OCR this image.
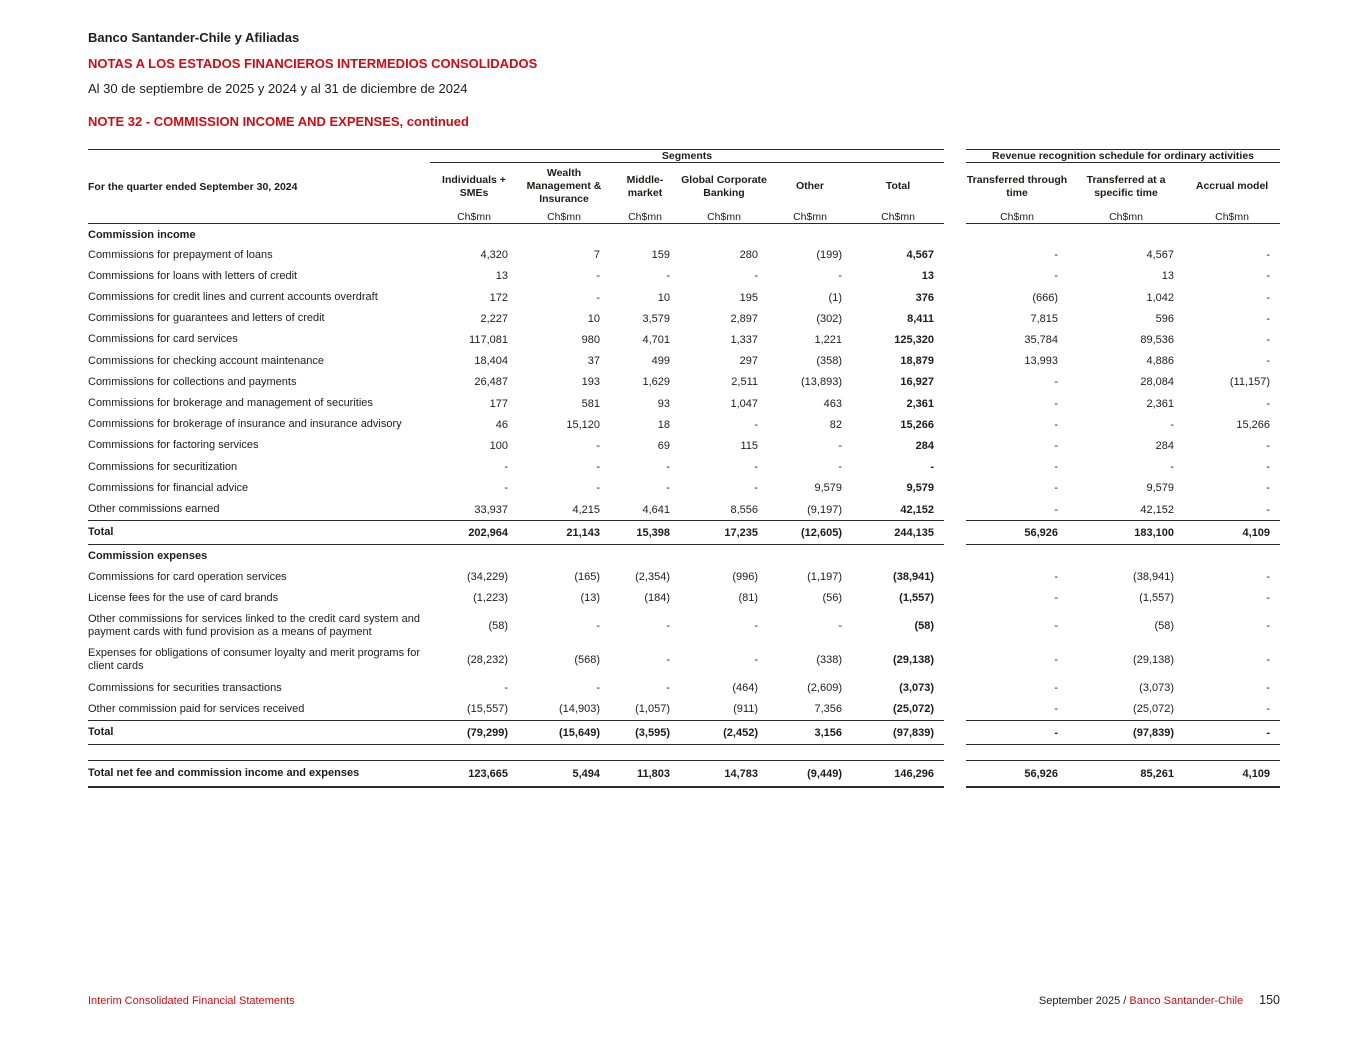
Banco Santander-Chile y Afiliadas
NOTAS A LOS ESTADOS FINANCIEROS INTERMEDIOS CONSOLIDADOS
Al 30 de septiembre de 2025 y 2024 y al 31 de diciembre de 2024
NOTE 32 - COMMISSION INCOME AND EXPENSES, continued
	Segments							Revenue recognition schedule for ordinary activities		
For the quarter ended September 30, 2024	Individuals + SMEs	Wealth Management & Insurance	Middle-market	Global Corporate Banking	Other	Total		Transferred through time	Transferred at a specific time	Accrual model
	Ch$mn	Ch$mn	Ch$mn	Ch$mn	Ch$mn	Ch$mn		Ch$mn	Ch$mn	Ch$mn
Commission income										
Commissions for prepayment of loans	4,320	7	159	280	(199)	4,567		-	4,567	-
Commissions for loans with letters of credit	13	-	-	-	-	13		-	13	-
Commissions for credit lines and current accounts overdraft	172	-	10	195	(1)	376		(666)	1,042	-
Commissions for guarantees and letters of credit	2,227	10	3,579	2,897	(302)	8,411		7,815	596	-
Commissions for card services	117,081	980	4,701	1,337	1,221	125,320		35,784	89,536	-
Commissions for checking account maintenance	18,404	37	499	297	(358)	18,879		13,993	4,886	-
Commissions for collections and payments	26,487	193	1,629	2,511	(13,893)	16,927		-	28,084	(11,157)
Commissions for brokerage and management of securities	177	581	93	1,047	463	2,361		-	2,361	-
Commissions for brokerage of insurance and insurance advisory	46	15,120	18	-	82	15,266		-	-	15,266
Commissions for factoring services	100	-	69	115	-	284		-	284	-
Commissions for securitization	-	-	-	-	-	-		-	-	-
Commissions for financial advice	-	-	-	-	9,579	9,579		-	9,579	-
Other commissions earned	33,937	4,215	4,641	8,556	(9,197)	42,152		-	42,152	-
Total	202,964	21,143	15,398	17,235	(12,605)	244,135		56,926	183,100	4,109
Commission expenses										
Commissions for card operation services	(34,229)	(165)	(2,354)	(996)	(1,197)	(38,941)		-	(38,941)	-
License fees for the use of card brands	(1,223)	(13)	(184)	(81)	(56)	(1,557)		-	(1,557)	-
Other commissions for services linked to the credit card system and payment cards with fund provision as a means of payment	(58)	-	-	-	-	(58)		-	(58)	-
Expenses for obligations of consumer loyalty and merit programs for client cards	(28,232)	(568)	-	-	(338)	(29,138)		-	(29,138)	-
Commissions for securities transactions	-	-	-	(464)	(2,609)	(3,073)		-	(3,073)	-
Other commission paid for services received	(15,557)	(14,903)	(1,057)	(911)	7,356	(25,072)		-	(25,072)	-
Total	(79,299)	(15,649)	(3,595)	(2,452)	3,156	(97,839)		-	(97,839)	-

Total net fee and commission income and expenses	123,665	5,494	11,803	14,783	(9,449)	146,296		56,926	85,261	4,109
Interim Consolidated Financial Statements	September 2025 / Banco Santander-Chile 150
